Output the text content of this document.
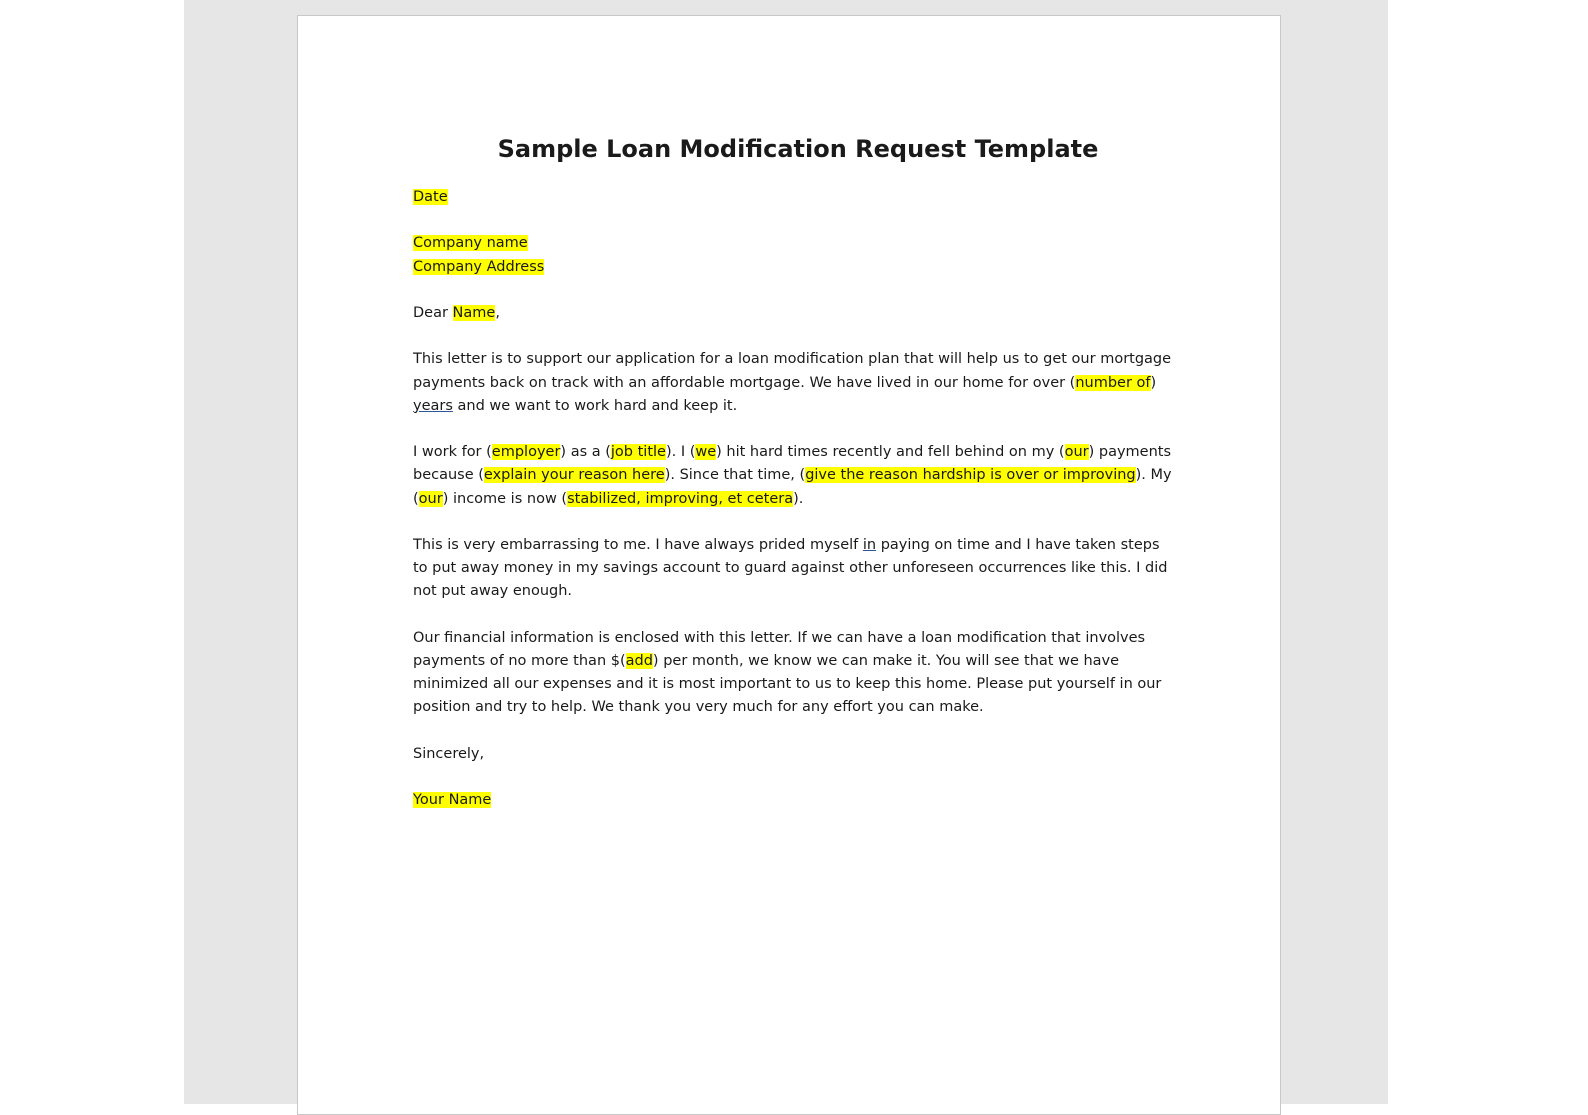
Sample Loan Modification Request Template

Date

Company name
Company Address

Dear Name,

This letter is to support our application for a loan modification plan that will help us to get our mortgage payments back on track with an affordable mortgage. We have lived in our home for over (number of) years and we want to work hard and keep it.

I work for (employer) as a (job title). I (we) hit hard times recently and fell behind on my (our) payments because (explain your reason here). Since that time, (give the reason hardship is over or improving). My (our) income is now (stabilized, improving, et cetera).

This is very embarrassing to me. I have always prided myself in paying on time and I have taken steps to put away money in my savings account to guard against other unforeseen occurrences like this. I did not put away enough.

Our financial information is enclosed with this letter. If we can have a loan modification that involves payments of no more than $(add) per month, we know we can make it. You will see that we have minimized all our expenses and it is most important to us to keep this home. Please put yourself in our position and try to help. We thank you very much for any effort you can make.

Sincerely,

Your Name
